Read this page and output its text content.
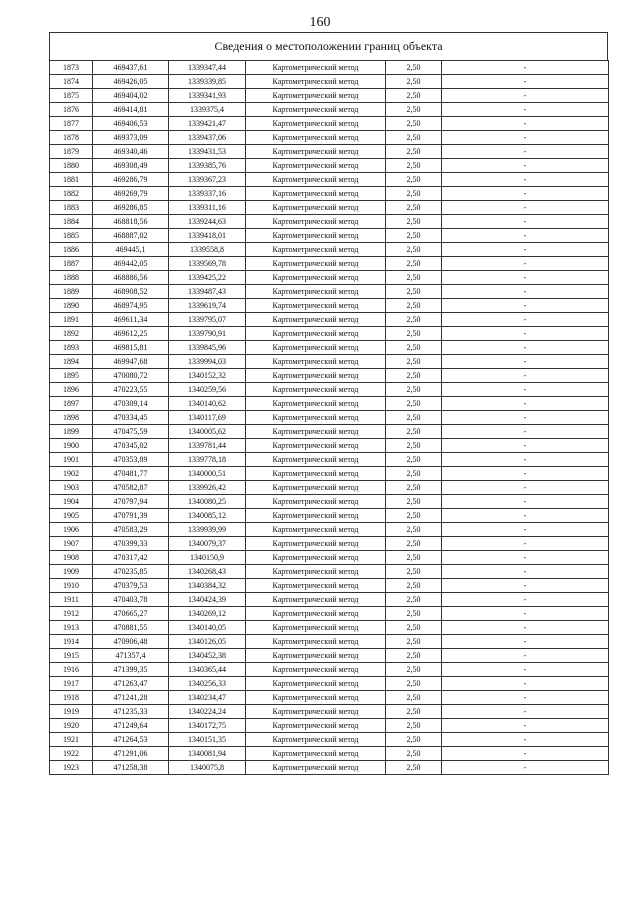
160
Сведения о местоположении границ объекта
1873	469437,61	1339347,44	Картометрический метод	2,50	-
1874	469426,05	1339339,85	Картометрический метод	2,50	-
1875	469404,02	1339341,93	Картометрический метод	2,50	-
1876	469414,81	1339375,4	Картометрический метод	2,50	-
1877	469406,53	1339421,47	Картометрический метод	2,50	-
1878	469373,09	1339437,06	Картометрический метод	2,50	-
1879	469340,46	1339431,53	Картометрический метод	2,50	-
1880	469308,49	1339385,76	Картометрический метод	2,50	-
1881	469286,79	1339367,23	Картометрический метод	2,50	-
1882	469269,79	1339337,16	Картометрический метод	2,50	-
1883	469286,85	1339311,16	Картометрический метод	2,50	-
1884	468818,56	1339244,63	Картометрический метод	2,50	-
1885	468887,02	1339418,01	Картометрический метод	2,50	-
1886	469445,1	1339558,8	Картометрический метод	2,50	-
1887	469442,05	1339569,78	Картометрический метод	2,50	-
1888	468886,56	1339425,22	Картометрический метод	2,50	-
1889	468908,52	1339487,43	Картометрический метод	2,50	-
1890	468974,95	1339619,74	Картометрический метод	2,50	-
1891	469611,34	1339795,07	Картометрический метод	2,50	-
1892	469612,25	1339790,91	Картометрический метод	2,50	-
1893	469815,81	1339845,96	Картометрический метод	2,50	-
1894	469947,68	1339994,03	Картометрический метод	2,50	-
1895	470080,72	1340152,32	Картометрический метод	2,50	-
1896	470223,55	1340259,56	Картометрический метод	2,50	-
1897	470309,14	1340140,62	Картометрический метод	2,50	-
1898	470334,45	1340117,69	Картометрический метод	2,50	-
1899	470475,59	1340005,62	Картометрический метод	2,50	-
1900	470345,02	1339781,44	Картометрический метод	2,50	-
1901	470353,89	1339778,18	Картометрический метод	2,50	-
1902	470481,77	1340000,51	Картометрический метод	2,50	-
1903	470582,87	1339926,42	Картометрический метод	2,50	-
1904	470797,94	1340080,25	Картометрический метод	2,50	-
1905	470791,39	1340085,12	Картометрический метод	2,50	-
1906	470583,29	1339939,99	Картометрический метод	2,50	-
1907	470399,33	1340079,37	Картометрический метод	2,50	-
1908	470317,42	1340150,9	Картометрический метод	2,50	-
1909	470235,85	1340268,43	Картометрический метод	2,50	-
1910	470379,53	1340384,32	Картометрический метод	2,50	-
1911	470403,78	1340424,39	Картометрический метод	2,50	-
1912	470665,27	1340269,12	Картометрический метод	2,50	-
1913	470881,55	1340140,05	Картометрический метод	2,50	-
1914	470906,48	1340126,05	Картометрический метод	2,50	-
1915	471357,4	1340452,38	Картометрический метод	2,50	-
1916	471399,35	1340365,44	Картометрический метод	2,50	-
1917	471263,47	1340256,33	Картометрический метод	2,50	-
1918	471241,28	1340234,47	Картометрический метод	2,50	-
1919	471235,33	1340224,24	Картометрический метод	2,50	-
1920	471249,64	1340172,75	Картометрический метод	2,50	-
1921	471264,53	1340151,35	Картометрический метод	2,50	-
1922	471291,06	1340081,94	Картометрический метод	2,50	-
1923	471258,38	1340075,8	Картометрический метод	2,50	-
